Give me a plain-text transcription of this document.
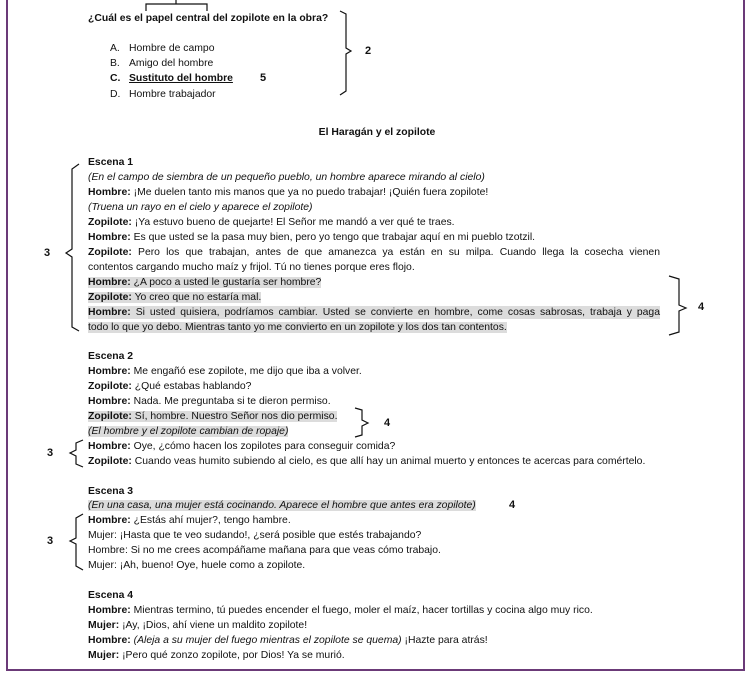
¿Cuál es el papel central del zopilote en la obra?
A. Hombre de campo
B. Amigo del hombre
C. Sustituto del hombre
D. Hombre trabajador
5
2
El Haragán y el zopilote
Escena 1
(En el campo de siembra de un pequeño pueblo, un hombre aparece mirando al cielo)
Hombre: ¡Me duelen tanto mis manos que ya no puedo trabajar! ¡Quién fuera zopilote!
(Truena un rayo en el cielo y aparece el zopilote)
Zopilote: ¡Ya estuvo bueno de quejarte! El Señor me mandó a ver qué te traes.
Hombre: Es que usted se la pasa muy bien, pero yo tengo que trabajar aquí en mi pueblo tzotzil.
Zopilote: Pero los que trabajan, antes de que amanezca ya están en su milpa. Cuando llega la cosecha vienen
contentos cargando mucho maíz y frijol. Tú no tienes porque eres flojo.
Hombre: ¿A poco a usted le gustaría ser hombre?
Zopilote: Yo creo que no estaría mal.
Hombre: Si usted quisiera, podríamos cambiar. Usted se convierte en hombre, come cosas sabrosas, trabaja y paga
todo lo que yo debo. Mientras tanto yo me convierto en un zopilote y los dos tan contentos.
3
4
Escena 2
Hombre: Me engañó ese zopilote, me dijo que iba a volver.
Zopilote: ¿Qué estabas hablando?
Hombre: Nada. Me preguntaba si te dieron permiso.
Zopilote: Sí, hombre. Nuestro Señor nos dio permiso.
(El hombre y el zopilote cambian de ropaje)
Hombre: Oye, ¿cómo hacen los zopilotes para conseguir comida?
Zopilote: Cuando veas humito subiendo al cielo, es que allí hay un animal muerto y entonces te acercas para comértelo.
4
3
Escena 3
(En una casa, una mujer está cocinando. Aparece el hombre que antes era zopilote)
Hombre: ¿Estás ahí mujer?, tengo hambre.
Mujer: ¡Hasta que te veo sudando!, ¿será posible que estés trabajando?
Hombre: Si no me crees acompáñame mañana para que veas cómo trabajo.
Mujer: ¡Ah, bueno! Oye, huele como a zopilote.
4
3
Escena 4
Hombre: Mientras termino, tú puedes encender el fuego, moler el maíz, hacer tortillas y cocina algo muy rico.
Mujer: ¡Ay, ¡Dios, ahí viene un maldito zopilote!
Hombre: (Aleja a su mujer del fuego mientras el zopilote se quema) ¡Hazte para atrás!
Mujer: ¡Pero qué zonzo zopilote, por Dios! Ya se murió.
